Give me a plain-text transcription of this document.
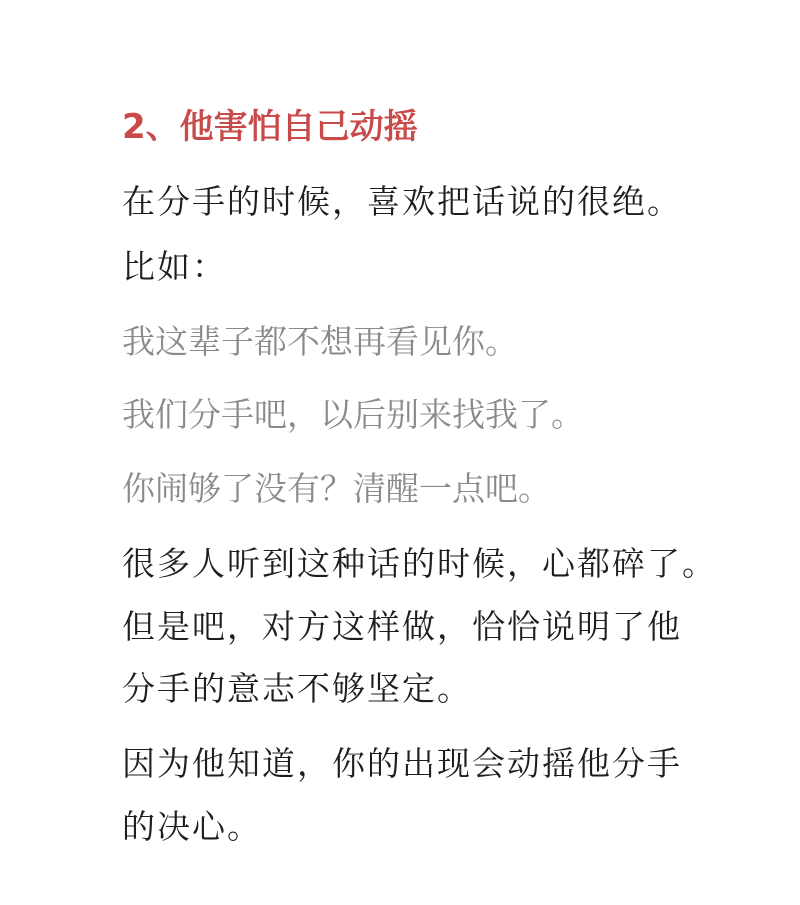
2、他害怕自己动摇
在分手的时候，喜欢把话说的很绝。
比如：
我这辈子都不想再看见你。
我们分手吧，以后别来找我了。
你闹够了没有？清醒一点吧。
很多人听到这种话的时候，心都碎了。
但是吧，对方这样做，恰恰说明了他
分手的意志不够坚定。
因为他知道，你的出现会动摇他分手
的决心。
